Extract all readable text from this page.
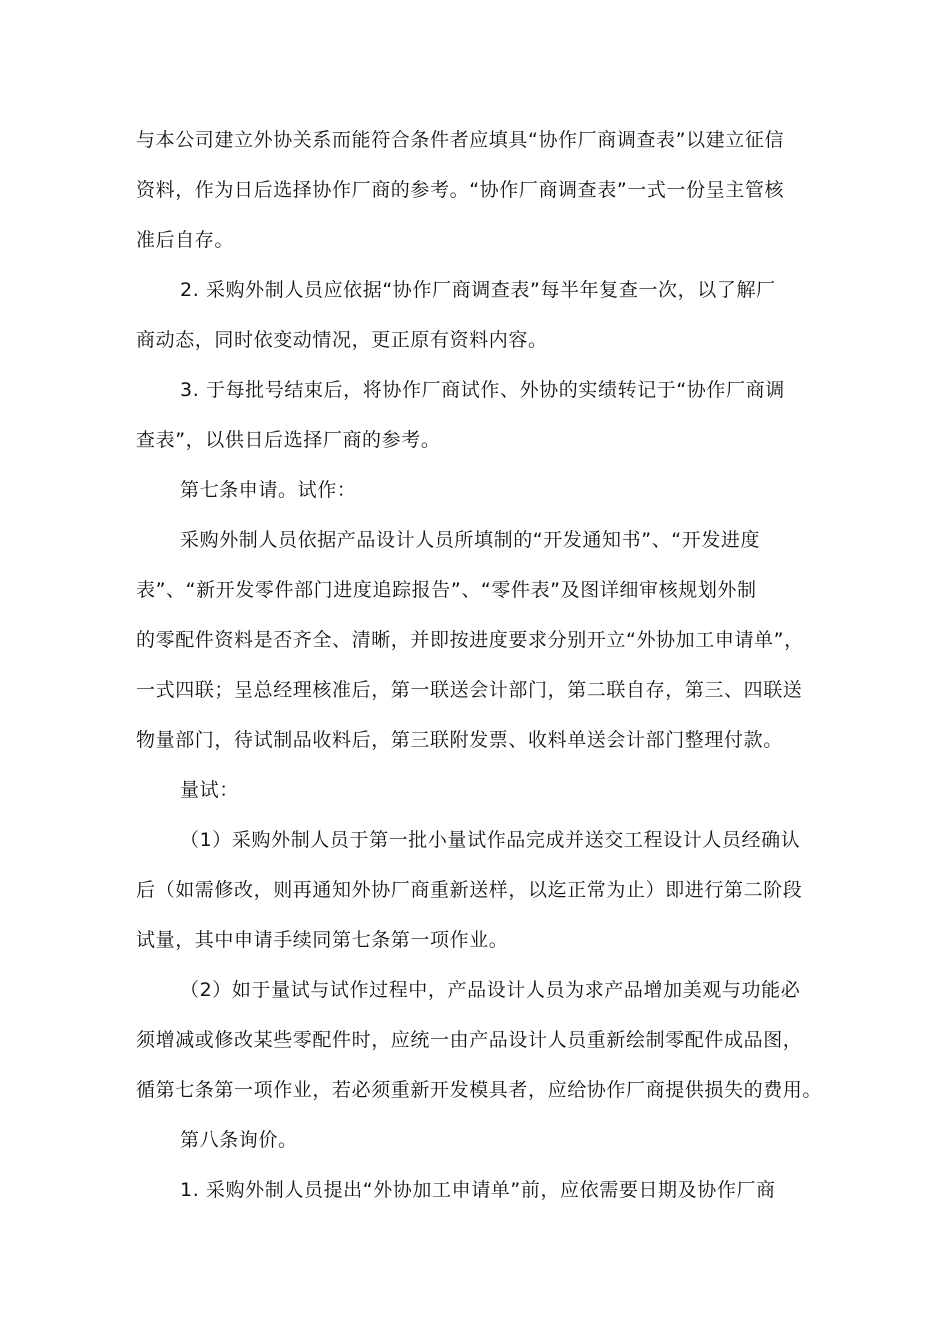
与本公司建立外协关系而能符合条件者应填具“协作厂商调查表”以建立征信
资料，作为日后选择协作厂商的参考。“协作厂商调查表”一式一份呈主管核
准后自存。
2. 采购外制人员应依据“协作厂商调查表”每半年复查一次，以了解厂
商动态，同时依变动情况，更正原有资料内容。
3. 于每批号结束后，将协作厂商试作、外协的实绩转记于“协作厂商调
查表”，以供日后选择厂商的参考。
第七条申请。试作：
采购外制人员依据产品设计人员所填制的“开发通知书”、“开发进度
表”、“新开发零件部门进度追踪报告”、“零件表”及图详细审核规划外制
的零配件资料是否齐全、清晰，并即按进度要求分别开立“外协加工申请单”，
一式四联；呈总经理核准后，第一联送会计部门，第二联自存，第三、四联送
物量部门，待试制品收料后，第三联附发票、收料单送会计部门整理付款。
量试：
（1）采购外制人员于第一批小量试作品完成并送交工程设计人员经确认
后（如需修改，则再通知外协厂商重新送样，以迄正常为止）即进行第二阶段
试量，其中申请手续同第七条第一项作业。
（2）如于量试与试作过程中，产品设计人员为求产品增加美观与功能必
须增减或修改某些零配件时，应统一由产品设计人员重新绘制零配件成品图，
循第七条第一项作业，若必须重新开发模具者，应给协作厂商提供损失的费用。
第八条询价。
1. 采购外制人员提出“外协加工申请单”前，应依需要日期及协作厂商
